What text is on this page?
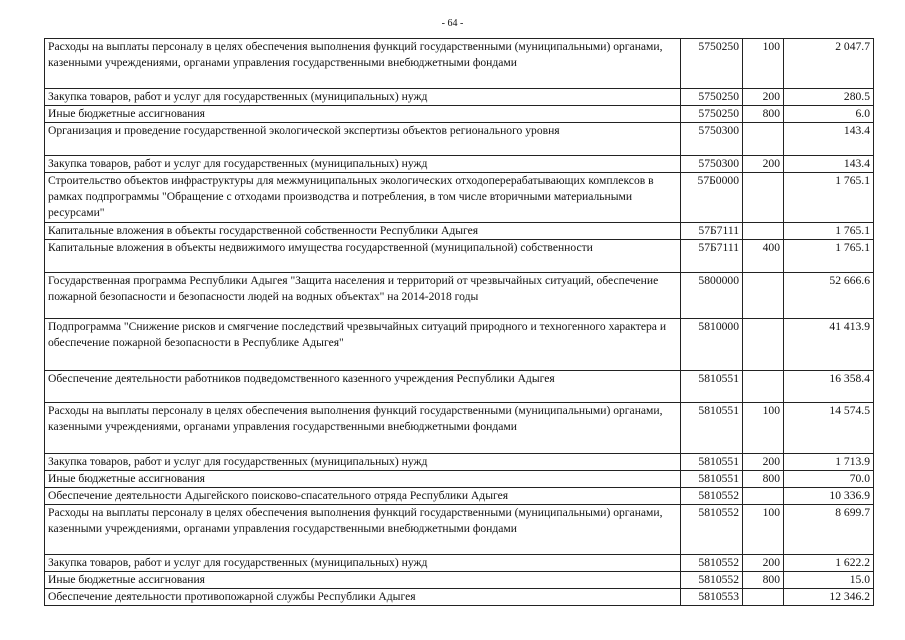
- 64 -
Расходы на выплаты персоналу в целях обеспечения выполнения функций государственными (муниципальными) органами, казенными учреждениями, органами управления государственными внебюджетными фондами	5750250	100	2 047.7
Закупка товаров, работ и услуг для государственных (муниципальных) нужд	5750250	200	280.5
Иные бюджетные ассигнования	5750250	800	6.0
Организация и проведение государственной экологической экспертизы объектов регионального уровня	5750300		143.4
Закупка товаров, работ и услуг для государственных (муниципальных) нужд	5750300	200	143.4
Строительство объектов инфраструктуры для межмуниципальных экологических отходоперерабатывающих комплексов в рамках подпрограммы "Обращение с отходами производства и потребления, в том числе вторичными материальными ресурсами"	57Б0000		1 765.1
Капитальные вложения в объекты государственной собственности Республики Адыгея	57Б7111		1 765.1
Капитальные вложения в объекты недвижимого имущества государственной (муниципальной) собственности	57Б7111	400	1 765.1
Государственная программа Республики Адыгея "Защита населения и территорий от чрезвычайных ситуаций, обеспечение пожарной безопасности и безопасности людей на водных объектах" на 2014-2018 годы	5800000		52 666.6
Подпрограмма "Снижение рисков и смягчение последствий чрезвычайных ситуаций природного и техногенного характера и обеспечение пожарной безопасности в Республике Адыгея"	5810000		41 413.9
Обеспечение деятельности работников подведомственного казенного учреждения Республики Адыгея	5810551		16 358.4
Расходы на выплаты персоналу в целях обеспечения выполнения функций государственными (муниципальными) органами, казенными учреждениями, органами управления государственными внебюджетными фондами	5810551	100	14 574.5
Закупка товаров, работ и услуг для государственных (муниципальных) нужд	5810551	200	1 713.9
Иные бюджетные ассигнования	5810551	800	70.0
Обеспечение деятельности Адыгейского поисково-спасательного отряда Республики Адыгея	5810552		10 336.9
Расходы на выплаты персоналу в целях обеспечения выполнения функций государственными (муниципальными) органами, казенными учреждениями, органами управления государственными внебюджетными фондами	5810552	100	8 699.7
Закупка товаров, работ и услуг для государственных (муниципальных) нужд	5810552	200	1 622.2
Иные бюджетные ассигнования	5810552	800	15.0
Обеспечение деятельности противопожарной службы Республики Адыгея	5810553		12 346.2
